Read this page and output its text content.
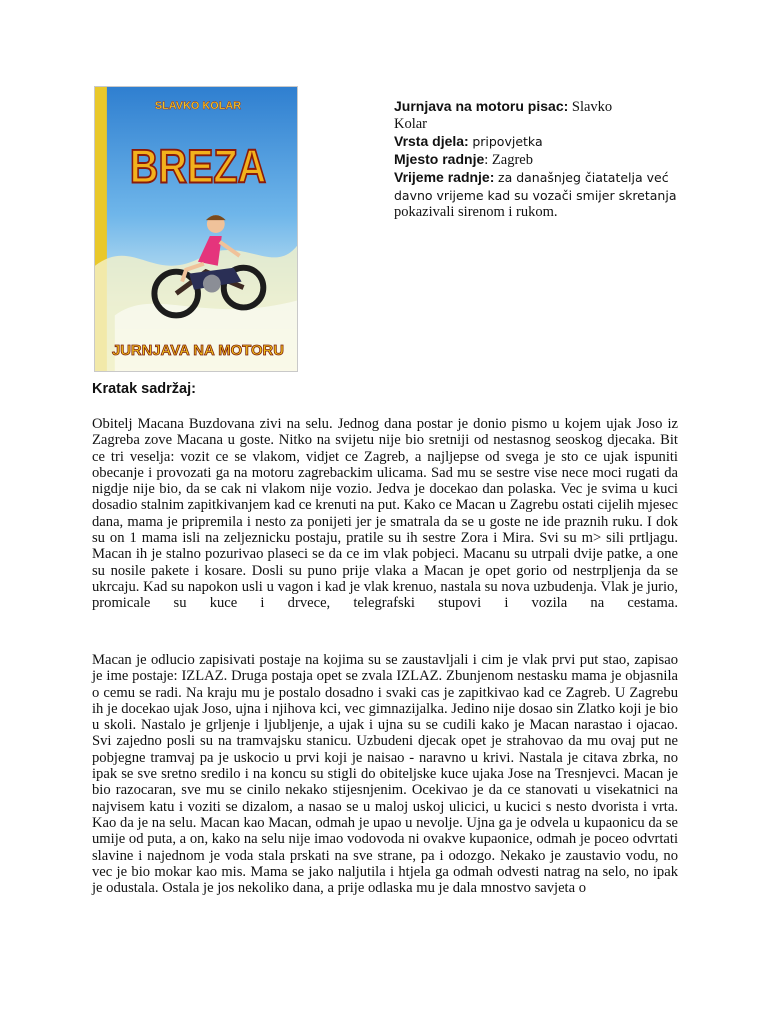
SLAVKO KOLAR
BREZA
JURNJAVA NA MOTORU
Jurnjava na motoru pisac: Slavko
Kolar
Vrsta djela: pripovjetka
Mjesto radnje: Zagreb
Vrijeme radnje: za današnjeg čiatatelja već
davno vrijeme kad su vozači smijer skretanja
pokazivali sirenom i rukom.
Kratak sadržaj:

Obitelj Macana Buzdovana zivi na selu. Jednog dana postar je donio pismo u kojem ujak Joso iz Zagreba zove Macana u goste. Nitko na svijetu nije bio sretniji od nestasnog seoskog djecaka. Bit ce tri veselja: vozit ce se vlakom, vidjet ce Zagreb, a najljepse od svega je sto ce ujak ispuniti obecanje i provozati ga na motoru zagrebackim ulicama. Sad mu se sestre vise nece moci rugati da nigdje nije bio, da se cak ni vlakom nije vozio. Jedva je docekao dan polaska. Vec je svima u kuci dosadio stalnim zapitkivanjem kad ce krenuti na put. Kako ce Macan u Zagrebu ostati cijelih mjesec dana, mama je pripremila i nesto za ponijeti jer je smatrala da se u goste ne ide praznih ruku. I dok su on 1 mama isli na zeljeznicku postaju, pratile su ih sestre Zora i Mira. Svi su m> sili prtljagu. Macan ih je stalno pozurivao plaseci se da ce im vlak pobjeci. Macanu su utrpali dvije patke, a one su nosile pakete i kosare. Dosli su puno prije vlaka a Macan je opet gorio od nestrpljenja da se ukrcaju. Kad su napokon usli u vagon i kad je vlak krenuo, nastala su nova uzbudenja. Vlak je jurio, promicale su kuce i drvece, telegrafski stupovi i vozila na cestama.

Macan je odlucio zapisivati postaje na kojima su se zaustavljali i cim je vlak prvi put stao, zapisao je ime postaje: IZLAZ. Druga postaja opet se zvala IZLAZ. Zbunjenom nestasku mama je objasnila o cemu se radi. Na kraju mu je postalo dosadno i svaki cas je zapitkivao kad ce Zagreb. U Zagrebu ih je docekao ujak Joso, ujna i njihova kci, vec gimnazijalka. Jedino nije dosao sin Zlatko koji je bio u skoli. Nastalo je grljenje i ljubljenje, a ujak i ujna su se cudili kako je Macan narastao i ojacao. Svi zajedno posli su na tramvajsku stanicu. Uzbudeni djecak opet je strahovao da mu ovaj put ne pobjegne tramvaj pa je uskocio u prvi koji je naisao - naravno u krivi. Nastala je citava zbrka, no ipak se sve sretno sredilo i na koncu su stigli do obiteljske kuce ujaka Jose na Tresnjevci. Macan je bio razocaran, sve mu se cinilo nekako stijesnjenim. Ocekivao je da ce stanovati u visekatnici na najvisem katu i voziti se dizalom, a nasao se u maloj uskoj ulicici, u kucici s nesto dvorista i vrta. Kao da je na selu. Macan kao Macan, odmah je upao u nevolje. Ujna ga je odvela u kupaonicu da se umije od puta, a on, kako na selu nije imao vodovoda ni ovakve kupaonice, odmah je poceo odvrtati slavine i najednom je voda stala prskati na sve strane, pa i odozgo. Nekako je zaustavio vodu, no vec je bio mokar kao mis. Mama se jako naljutila i htjela ga odmah odvesti natrag na selo, no ipak je odustala. Ostala je jos nekoliko dana, a prije odlaska mu je dala mnostvo savjeta o
